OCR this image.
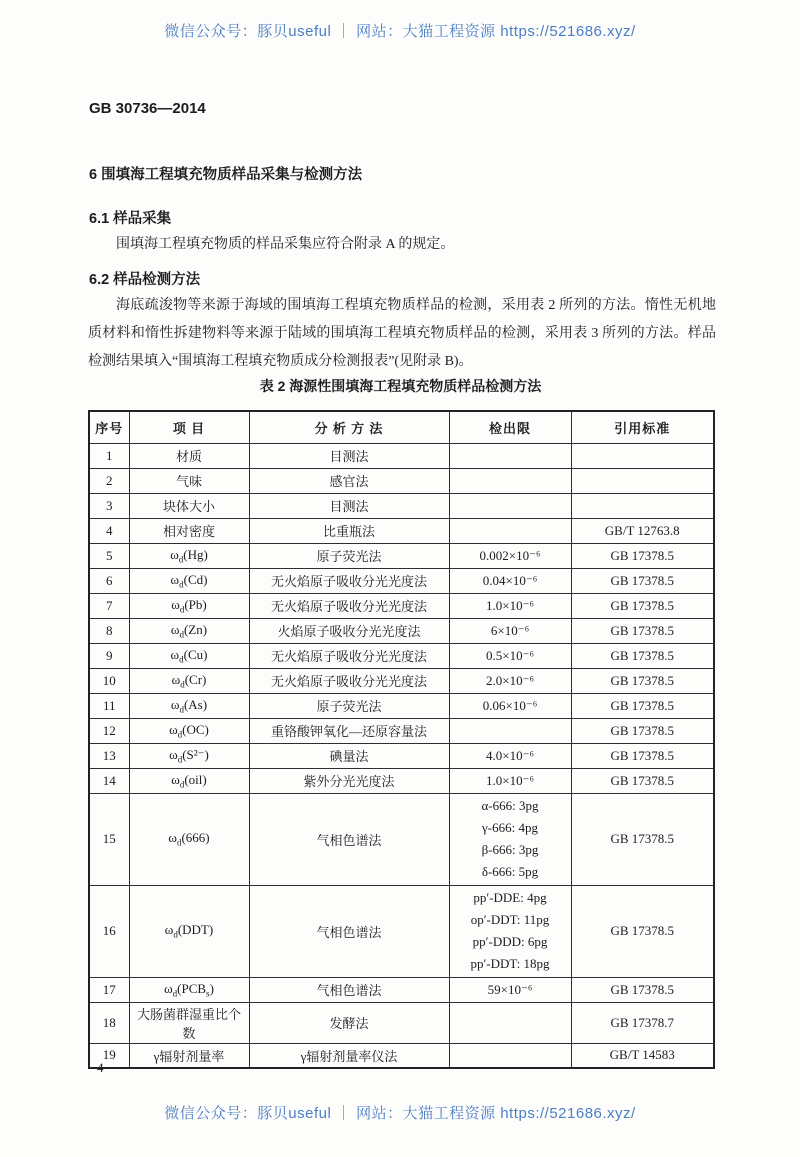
微信公众号：豚贝useful ｜ 网站：大猫工程资源 https://521686.xyz/
GB 30736—2014
6 围填海工程填充物质样品采集与检测方法
6.1 样品采集

围填海工程填充物质的样品采集应符合附录 A 的规定。

6.2 样品检测方法

海底疏浚物等来源于海域的围填海工程填充物质样品的检测，采用表 2 所列的方法。惰性无机地质材料和惰性拆建物料等来源于陆域的围填海工程填充物质样品的检测，采用表 3 所列的方法。样品检测结果填入“围填海工程填充物质成分检测报表”(见附录 B)。

表 2 海源性围填海工程填充物质样品检测方法
序号	项 目	分 析 方 法	检出限	引用标准
1	材质	目测法		
2	气味	感官法		
3	块体大小	目测法		
4	相对密度	比重瓶法		GB/T 12763.8
5	$\omega_d(Hg)$	原子荧光法	0.002×10⁻⁶	GB 17378.5
6	$\omega_d(Cd)$	无火焰原子吸收分光光度法	0.04×10⁻⁶	GB 17378.5
7	$\omega_d(Pb)$	无火焰原子吸收分光光度法	1.0×10⁻⁶	GB 17378.5
8	$\omega_d(Zn)$	火焰原子吸收分光光度法	6×10⁻⁶	GB 17378.5
9	$\omega_d(Cu)$	无火焰原子吸收分光光度法	0.5×10⁻⁶	GB 17378.5
10	$\omega_d(Cr)$	无火焰原子吸收分光光度法	2.0×10⁻⁶	GB 17378.5
11	$\omega_d(As)$	原子荧光法	0.06×10⁻⁶	GB 17378.5
12	$\omega_d(OC)$	重铬酸钾氧化—还原容量法		GB 17378.5
13	$\omega_d(S^{2-})$	碘量法	4.0×10⁻⁶	GB 17378.5
14	$\omega_d(oil)$	紫外分光光度法	1.0×10⁻⁶	GB 17378.5
15	$\omega_d(666)$	气相色谱法	α-666: 3pg
γ-666: 4pg
β-666: 3pg
δ-666: 5pg	GB 17378.5
16	$\omega_d(DDT)$	气相色谱法	pp′-DDE: 4pg
op′-DDT: 11pg
pp′-DDD: 6pg
pp′-DDT: 18pg	GB 17378.5
17	$\omega_d(PCB_s)$	气相色谱法	59×10⁻⁶	GB 17378.5
18	大肠菌群湿重比个数	发酵法		GB 17378.7
19	γ辐射剂量率	γ辐射剂量率仪法		GB/T 14583
4
微信公众号：豚贝useful ｜ 网站：大猫工程资源 https://521686.xyz/
